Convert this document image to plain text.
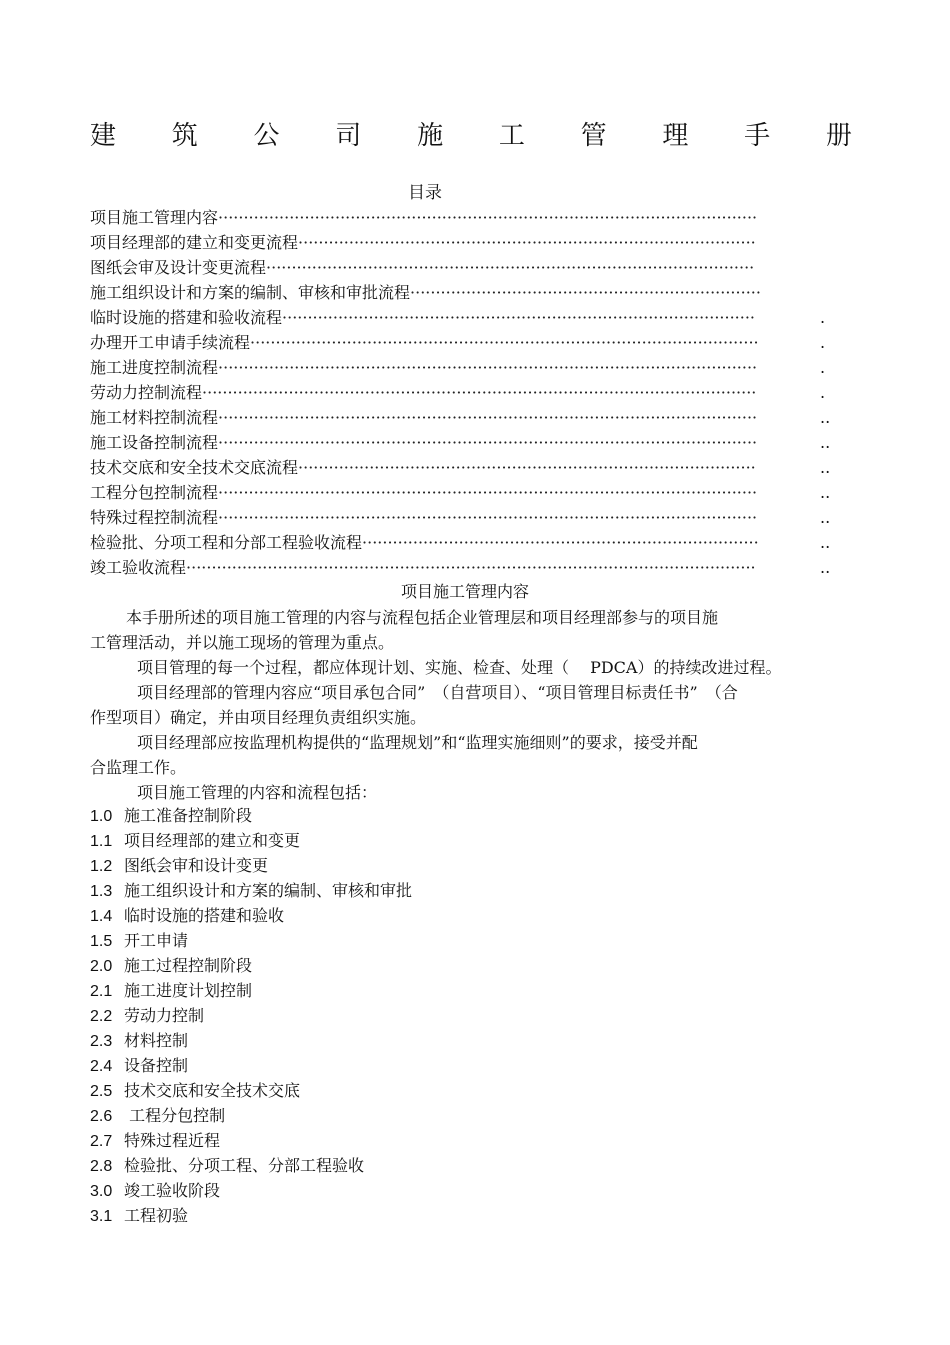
建 筑 公 司 施 工 管 理 手 册
目录
项目施工管理内容 ··········································································································
项目经理部的建立和变更流程 ··························································································
图纸会审及设计变更流程 ································································································
施工组织设计和方案的编制、审核和审批流程 ·····································································
临时设施的搭建和验收流程 ·····························································································	.
办理开工申请手续流程 ····································································································	.
施工进度控制流程 ··········································································································	.
劳动力控制流程 ·············································································································	.
施工材料控制流程 ··········································································································	..
施工设备控制流程 ··········································································································	..
技术交底和安全技术交底流程 ··························································································	..
工程分包控制流程 ··········································································································	..
特殊过程控制流程 ··········································································································	..
检验批、分项工程和分部工程验收流程 ··············································································	..
竣工验收流程 ················································································································	..
项目施工管理内容
本手册所述的项目施工管理的内容与流程包括企业管理层和项目经理部参与的项目施
工管理活动，并以施工现场的管理为重点。
项目管理的每一个过程，都应体现计划、实施、检查、处理（　 PDCA）的持续改进过程。
项目经理部的管理内容应“项目承包合同”　（自营项目）、“项目管理目标责任书”　（合
作型项目）确定，并由项目经理负责组织实施。
项目经理部应按监理机构提供的“监理规划”和“监理实施细则”的要求，接受并配
合监理工作。
项目施工管理的内容和流程包括：
1.0 施工准备控制阶段
1.1 项目经理部的建立和变更
1.2 图纸会审和设计变更
1.3 施工组织设计和方案的编制、审核和审批
1.4 临时设施的搭建和验收
1.5 开工申请
2.0 施工过程控制阶段
2.1 施工进度计划控制
2.2 劳动力控制
2.3 材料控制
2.4 设备控制
2.5 技术交底和安全技术交底
2.6 工程分包控制
2.7 特殊过程近程
2.8 检验批、分项工程、分部工程验收
3.0 竣工验收阶段
3.1 工程初验
